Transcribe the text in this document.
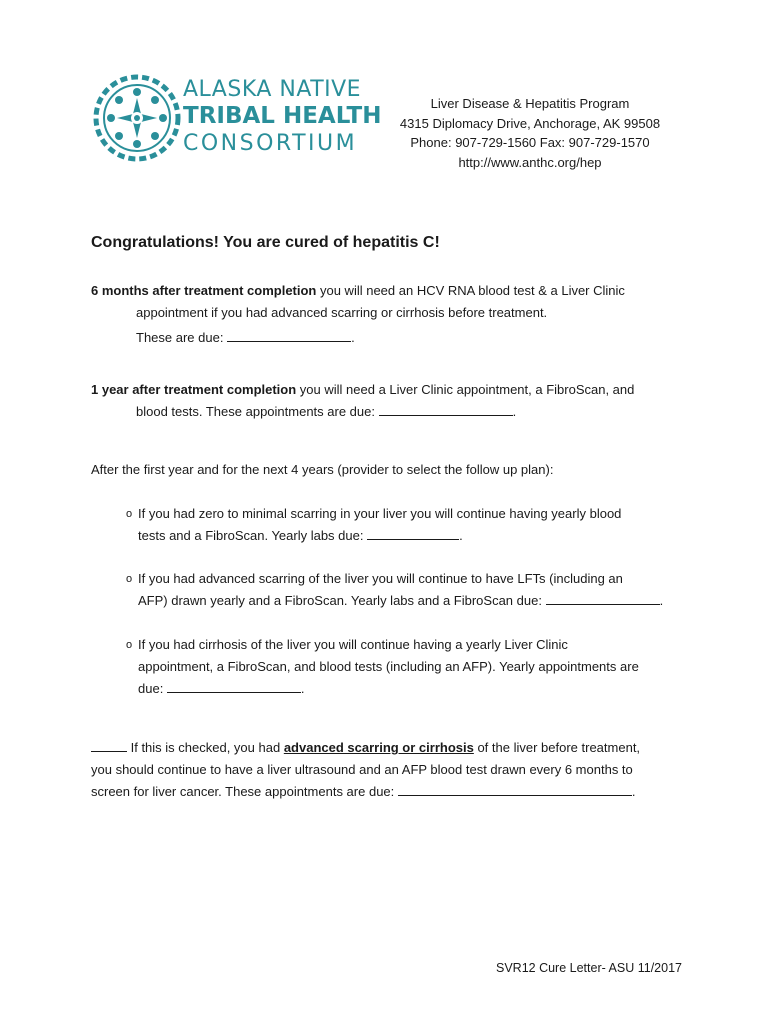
ALASKA NATIVE
TRIBAL HEALTH
CONSORTIUM
Liver Disease & Hepatitis Program
4315 Diplomacy Drive, Anchorage, AK 99508
Phone: 907-729-1560 Fax: 907-729-1570
http://www.anthc.org/hep
Congratulations! You are cured of hepatitis C!
6 months after treatment completion you will need an HCV RNA blood test & a Liver Clinic
appointment if you had advanced scarring or cirrhosis before treatment.
These are due:	.
1 year after treatment completion you will need a Liver Clinic appointment, a FibroScan, and
blood tests. These appointments are due:	.
After the first year and for the next 4 years (provider to select the follow up plan):
o If you had zero to minimal scarring in your liver you will continue having yearly blood
tests and a FibroScan. Yearly labs due:	.
o If you had advanced scarring of the liver you will continue to have LFTs (including an
AFP) drawn yearly and a FibroScan. Yearly labs and a FibroScan due:	.
o If you had cirrhosis of the liver you will continue having a yearly Liver Clinic
appointment, a FibroScan, and blood tests (including an AFP). Yearly appointments are
due:	.
If this is checked, you had advanced scarring or cirrhosis of the liver before treatment,
you should continue to have a liver ultrasound and an AFP blood test drawn every 6 months to
screen for liver cancer. These appointments are due:	.
SVR12 Cure Letter- ASU 11/2017
